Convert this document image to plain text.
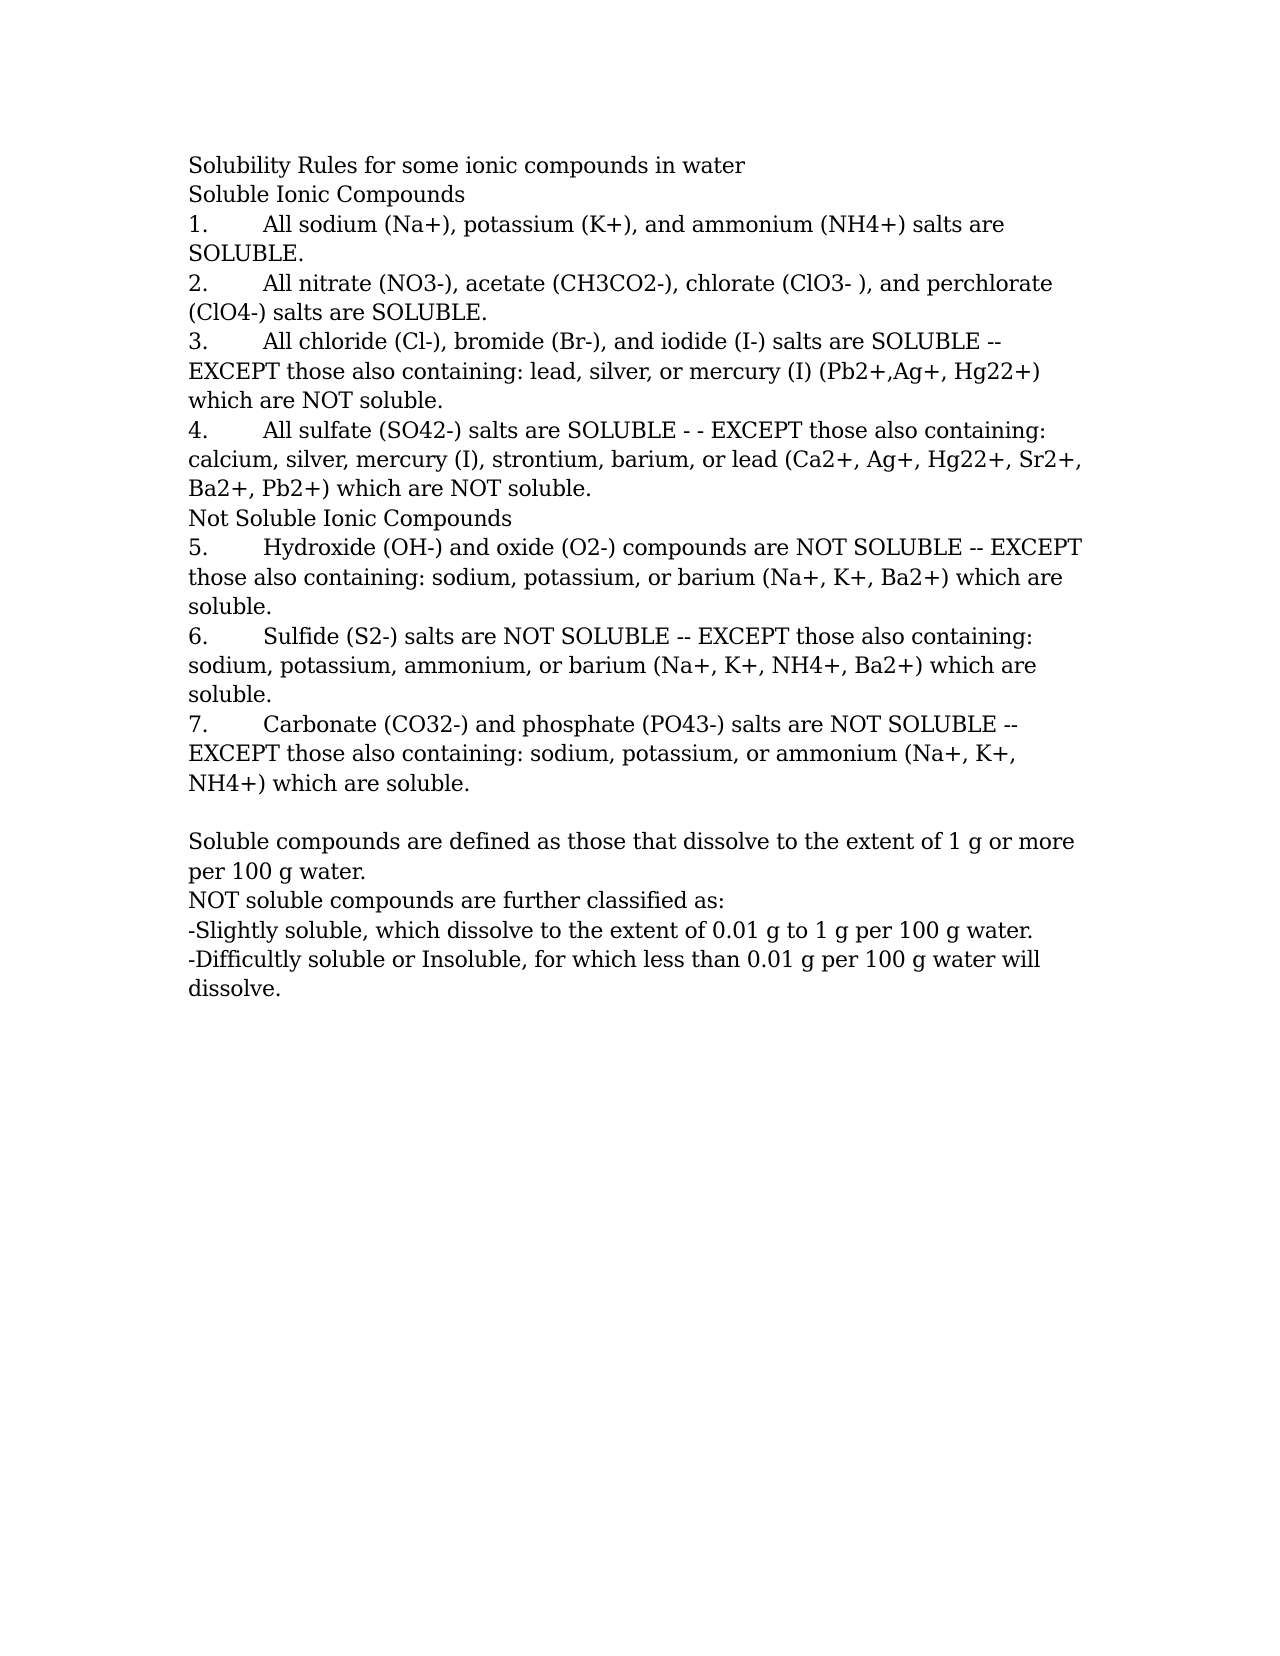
Solubility Rules for some ionic compounds in water

Soluble Ionic Compounds

1. All sodium (Na+), potassium (K+), and ammonium (NH4+) salts are SOLUBLE.

2. All nitrate (NO3-), acetate (CH3CO2-), chlorate (ClO3- ), and perchlorate (ClO4-) salts are SOLUBLE.

3. All chloride (Cl-), bromide (Br-), and iodide (I-) salts are SOLUBLE -- EXCEPT those also containing: lead, silver, or mercury (I) (Pb2+,Ag+, Hg22+) which are NOT soluble.

4. All sulfate (SO42-) salts are SOLUBLE - - EXCEPT those also containing: calcium, silver, mercury (I), strontium, barium, or lead (Ca2+, Ag+, Hg22+, Sr2+, Ba2+, Pb2+) which are NOT soluble.

Not Soluble Ionic Compounds

5. Hydroxide (OH-) and oxide (O2-) compounds are NOT SOLUBLE -- EXCEPT those also containing: sodium, potassium, or barium (Na+, K+, Ba2+) which are soluble.

6. Sulfide (S2-) salts are NOT SOLUBLE -- EXCEPT those also containing: sodium, potassium, ammonium, or barium (Na+, K+, NH4+, Ba2+) which are soluble.

7. Carbonate (CO32-) and phosphate (PO43-) salts are NOT SOLUBLE -- EXCEPT those also containing: sodium, potassium, or ammonium (Na+, K+, NH4+) which are soluble.

Soluble compounds are defined as those that dissolve to the extent of 1 g or more per 100 g water.

NOT soluble compounds are further classified as:

-Slightly soluble, which dissolve to the extent of 0.01 g to 1 g per 100 g water.

-Difficultly soluble or Insoluble, for which less than 0.01 g per 100 g water will dissolve.
